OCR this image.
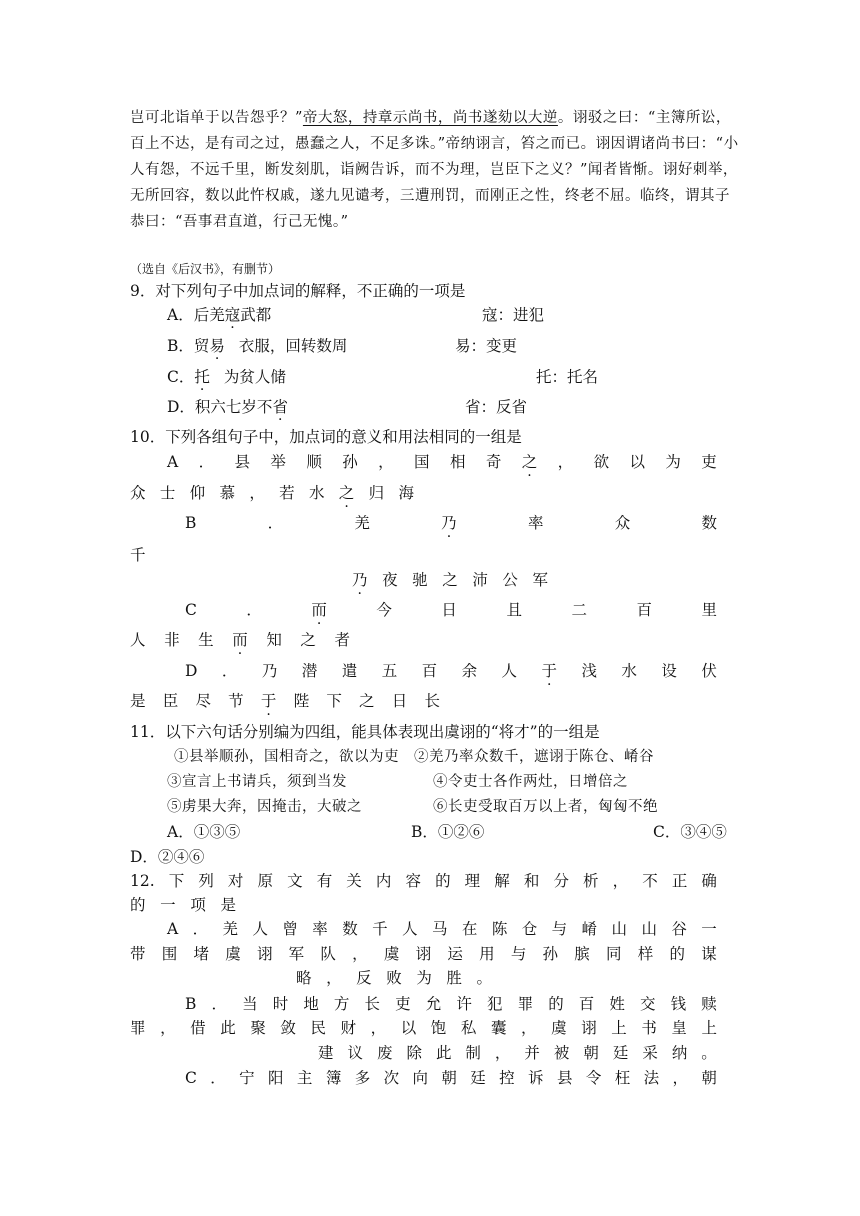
岂可北诣单于以告怨乎？”帝大怒，持章示尚书，尚书遂劾以大逆。诩驳之曰：“主簿所讼，
百上不达，是有司之过，愚蠢之人，不足多诛。”帝纳诩言，笞之而已。诩因谓诸尚书曰：“小
人有怨，不远千里，断发刻肌，诣阙告诉，而不为理，岂臣下之义？”闻者皆惭。诩好刺举，
无所回容，数以此忤权戚，遂九见谴考，三遭刑罚，而刚正之性，终老不屈。临终，谓其子
恭曰：“吾事君直道，行己无愧。”
（选自《后汉书》，有删节）
9．对下列句子中加点词的解释，不正确的一项是
A．后羌寇武都	寇：进犯
B．贸易 衣服，回转数周	易：变更
C．托 为贫人储	托：托名
D．积六七岁不省	省：反省
10．下列各组句子中，加点词的意义和用法相同的一组是
A ． 县 举 顺 孙 ， 国 相 奇 之 · ， 欲 以 为 吏
众 士 仰 慕 ， 若 水 之 · 归 海
B	．	羌	乃 ·	率	众	数
千
乃 · 夜 驰 之 沛 公 军
C	．	而 ·	今	日	且	二	百	里
人 非 生 而 · 知 之 者
D ． 乃 潜 遣 五 百 余 人 于 · 浅 水 设 伏
是 臣 尽 节 于 · 陛 下 之 日 长
11．以下六句话分别编为四组，能具体表现出虞诩的“将才”的一组是
①县举顺孙，国相奇之，欲以为吏 ②羌乃率众数千，遮诩于陈仓、崤谷
③宣言上书请兵，须到当发	④令吏士各作两灶，日增倍之
⑤虏果大奔，因掩击，大破之	⑥长吏受取百万以上者，匈匈不绝
A．①③⑤	B．①②⑥	C．③④⑤
D．②④⑥
12. 下 列 对 原 文 有 关 内 容 的 理 解 和 分 析 ， 不 正 确
的 一 项 是
A ． 羌 人 曾 率 数 千 人 马 在 陈 仓 与 崤 山 山 谷 一
带 围 堵 虞 诩 军 队 ， 虞 诩 运 用 与 孙 膑 同 样 的 谋
略 ， 反 败 为 胜 。
B ． 当 时 地 方 长 吏 允 许 犯 罪 的 百 姓 交 钱 赎
罪 ， 借 此 聚 敛 民 财 ， 以 饱 私 囊 ， 虞 诩 上 书 皇 上
建 议 废 除 此 制 ， 并 被 朝 廷 采 纳 。
C ． 宁 阳 主 簿 多 次 向 朝 廷 控 诉 县 令 枉 法 ， 朝
